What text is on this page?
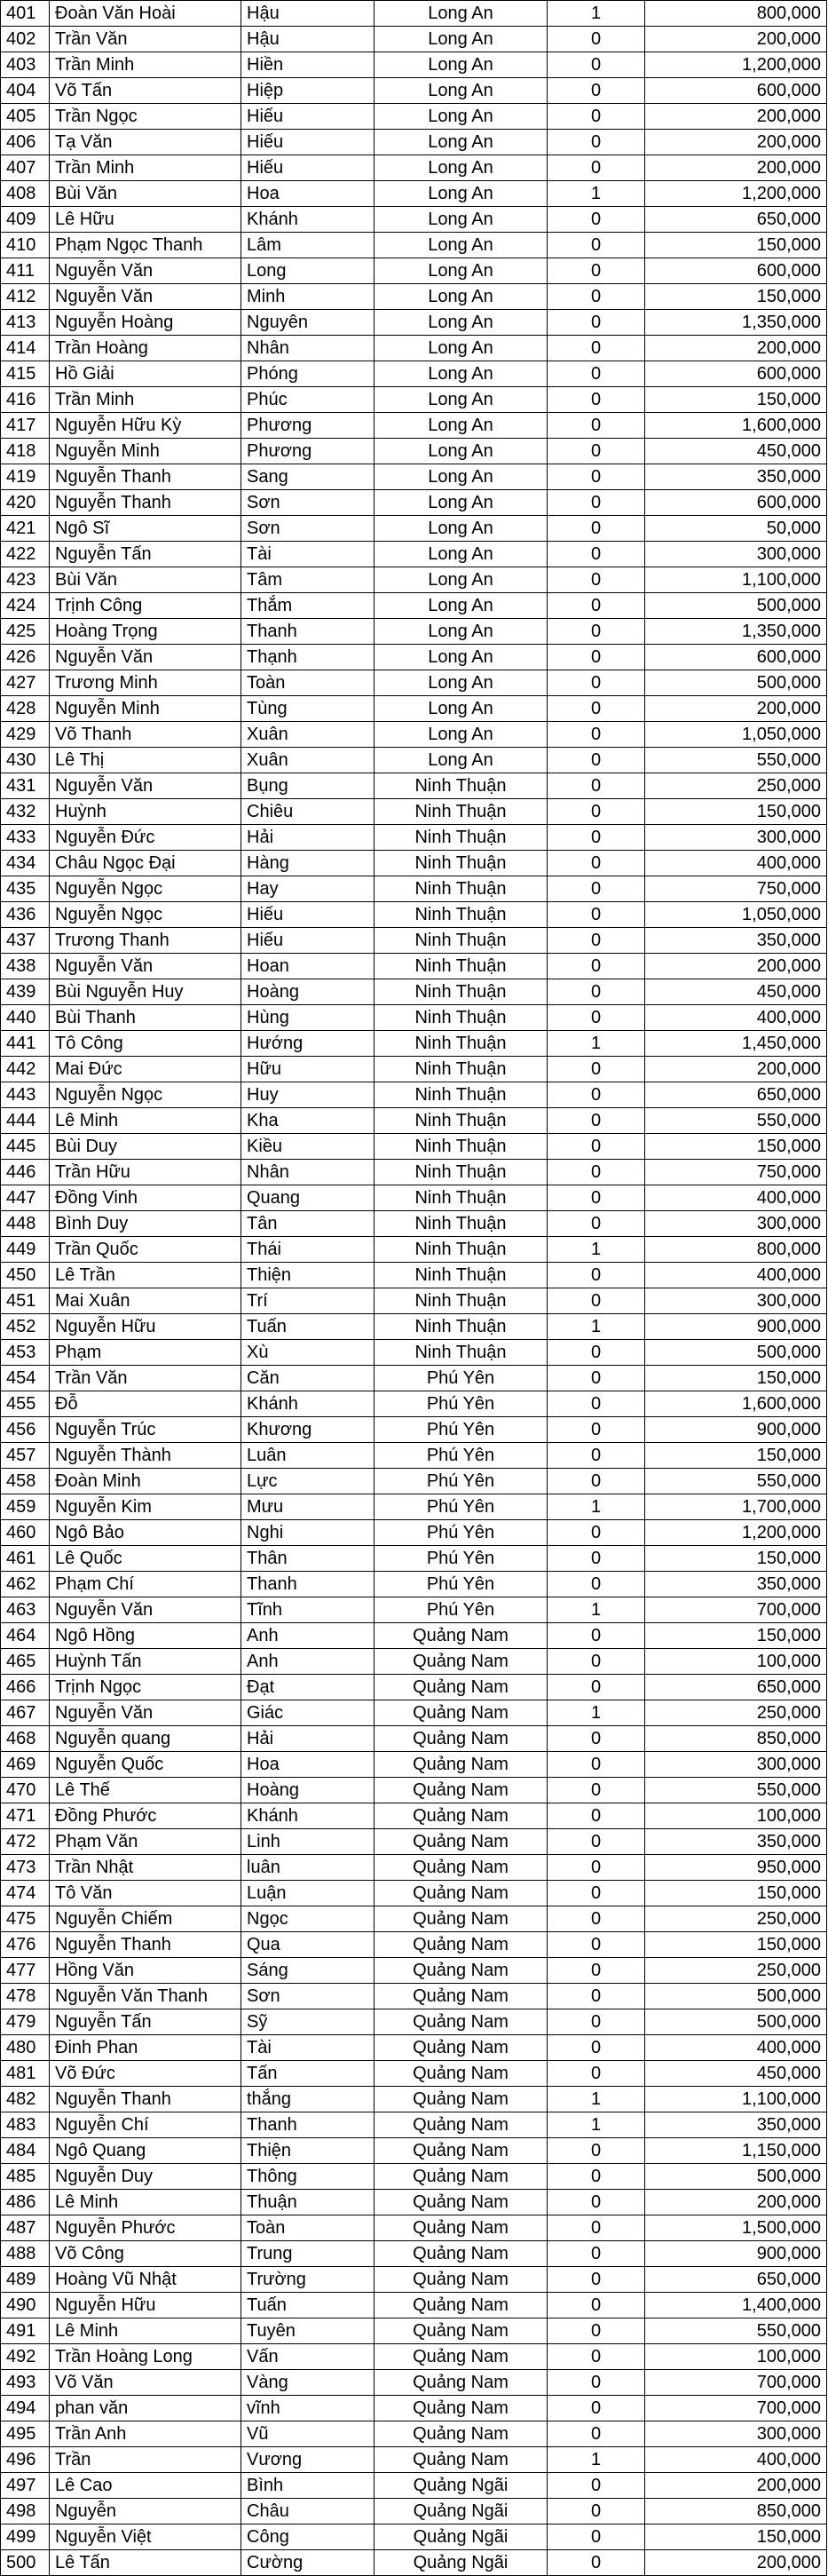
401	Đoàn Văn Hoài	Hậu	Long An	1	800,000
402	Trần Văn	Hậu	Long An	0	200,000
403	Trần Minh	Hiền	Long An	0	1,200,000
404	Võ Tấn	Hiệp	Long An	0	600,000
405	Trần Ngọc	Hiếu	Long An	0	200,000
406	Tạ Văn	Hiếu	Long An	0	200,000
407	Trần Minh	Hiếu	Long An	0	200,000
408	Bùi Văn	Hoa	Long An	1	1,200,000
409	Lê Hữu	Khánh	Long An	0	650,000
410	Phạm Ngọc Thanh	Lâm	Long An	0	150,000
411	Nguyễn Văn	Long	Long An	0	600,000
412	Nguyễn Văn	Minh	Long An	0	150,000
413	Nguyễn Hoàng	Nguyên	Long An	0	1,350,000
414	Trần Hoàng	Nhân	Long An	0	200,000
415	Hồ Giải	Phóng	Long An	0	600,000
416	Trần Minh	Phúc	Long An	0	150,000
417	Nguyễn Hữu Kỳ	Phương	Long An	0	1,600,000
418	Nguyễn Minh	Phương	Long An	0	450,000
419	Nguyễn Thanh	Sang	Long An	0	350,000
420	Nguyễn Thanh	Sơn	Long An	0	600,000
421	Ngô Sĩ	Sơn	Long An	0	50,000
422	Nguyễn Tấn	Tài	Long An	0	300,000
423	Bùi Văn	Tâm	Long An	0	1,100,000
424	Trịnh Công	Thắm	Long An	0	500,000
425	Hoàng Trọng	Thanh	Long An	0	1,350,000
426	Nguyễn Văn	Thạnh	Long An	0	600,000
427	Trương Minh	Toàn	Long An	0	500,000
428	Nguyễn Minh	Tùng	Long An	0	200,000
429	Võ Thanh	Xuân	Long An	0	1,050,000
430	Lê Thị	Xuân	Long An	0	550,000
431	Nguyễn Văn	Bụng	Ninh Thuận	0	250,000
432	Huỳnh	Chiêu	Ninh Thuận	0	150,000
433	Nguyễn Đức	Hải	Ninh Thuận	0	300,000
434	Châu Ngọc Đại	Hàng	Ninh Thuận	0	400,000
435	Nguyễn Ngọc	Hay	Ninh Thuận	0	750,000
436	Nguyễn Ngọc	Hiếu	Ninh Thuận	0	1,050,000
437	Trương Thanh	Hiếu	Ninh Thuận	0	350,000
438	Nguyễn Văn	Hoan	Ninh Thuận	0	200,000
439	Bùi Nguyễn Huy	Hoàng	Ninh Thuận	0	450,000
440	Bùi Thanh	Hùng	Ninh Thuận	0	400,000
441	Tô Công	Hướng	Ninh Thuận	1	1,450,000
442	Mai Đức	Hữu	Ninh Thuận	0	200,000
443	Nguyễn Ngọc	Huy	Ninh Thuận	0	650,000
444	Lê Minh	Kha	Ninh Thuận	0	550,000
445	Bùi Duy	Kiều	Ninh Thuận	0	150,000
446	Trần Hữu	Nhân	Ninh Thuận	0	750,000
447	Đồng Vinh	Quang	Ninh Thuận	0	400,000
448	Bình Duy	Tân	Ninh Thuận	0	300,000
449	Trần Quốc	Thái	Ninh Thuận	1	800,000
450	Lê Trần	Thiện	Ninh Thuận	0	400,000
451	Mai Xuân	Trí	Ninh Thuận	0	300,000
452	Nguyễn Hữu	Tuấn	Ninh Thuận	1	900,000
453	Phạm	Xù	Ninh Thuận	0	500,000
454	Trần Văn	Căn	Phú Yên	0	150,000
455	Đỗ	Khánh	Phú Yên	0	1,600,000
456	Nguyễn Trúc	Khương	Phú Yên	0	900,000
457	Nguyễn Thành	Luân	Phú Yên	0	150,000
458	Đoàn Minh	Lực	Phú Yên	0	550,000
459	Nguyễn Kim	Mưu	Phú Yên	1	1,700,000
460	Ngô Bảo	Nghi	Phú Yên	0	1,200,000
461	Lê Quốc	Thân	Phú Yên	0	150,000
462	Phạm Chí	Thanh	Phú Yên	0	350,000
463	Nguyễn Văn	Tĩnh	Phú Yên	1	700,000
464	Ngô Hồng	Anh	Quảng Nam	0	150,000
465	Huỳnh Tấn	Anh	Quảng Nam	0	100,000
466	Trịnh Ngọc	Đạt	Quảng Nam	0	650,000
467	Nguyễn Văn	Giác	Quảng Nam	1	250,000
468	Nguyễn quang	Hải	Quảng Nam	0	850,000
469	Nguyễn Quốc	Hoa	Quảng Nam	0	300,000
470	Lê Thế	Hoàng	Quảng Nam	0	550,000
471	Đồng Phước	Khánh	Quảng Nam	0	100,000
472	Phạm Văn	Linh	Quảng Nam	0	350,000
473	Trần Nhật	luân	Quảng Nam	0	950,000
474	Tô Văn	Luận	Quảng Nam	0	150,000
475	Nguyễn Chiếm	Ngọc	Quảng Nam	0	250,000
476	Nguyễn Thanh	Qua	Quảng Nam	0	150,000
477	Hồng Văn	Sáng	Quảng Nam	0	250,000
478	Nguyễn Văn Thanh	Sơn	Quảng Nam	0	500,000
479	Nguyễn Tấn	Sỹ	Quảng Nam	0	500,000
480	Đinh Phan	Tài	Quảng Nam	0	400,000
481	Võ Đức	Tấn	Quảng Nam	0	450,000
482	Nguyễn Thanh	thắng	Quảng Nam	1	1,100,000
483	Nguyễn Chí	Thanh	Quảng Nam	1	350,000
484	Ngô Quang	Thiện	Quảng Nam	0	1,150,000
485	Nguyễn Duy	Thông	Quảng Nam	0	500,000
486	Lê Minh	Thuận	Quảng Nam	0	200,000
487	Nguyễn Phước	Toàn	Quảng Nam	0	1,500,000
488	Võ Công	Trung	Quảng Nam	0	900,000
489	Hoàng Vũ Nhật	Trường	Quảng Nam	0	650,000
490	Nguyễn Hữu	Tuấn	Quảng Nam	0	1,400,000
491	Lê Minh	Tuyên	Quảng Nam	0	550,000
492	Trần Hoàng Long	Vấn	Quảng Nam	0	100,000
493	Võ Văn	Vàng	Quảng Nam	0	700,000
494	phan văn	vĩnh	Quảng Nam	0	700,000
495	Trần Anh	Vũ	Quảng Nam	0	300,000
496	Trần	Vương	Quảng Nam	1	400,000
497	Lê Cao	Bình	Quảng Ngãi	0	200,000
498	Nguyễn	Châu	Quảng Ngãi	0	850,000
499	Nguyễn Việt	Công	Quảng Ngãi	0	150,000
500	Lê Tấn	Cường	Quảng Ngãi	0	200,000
